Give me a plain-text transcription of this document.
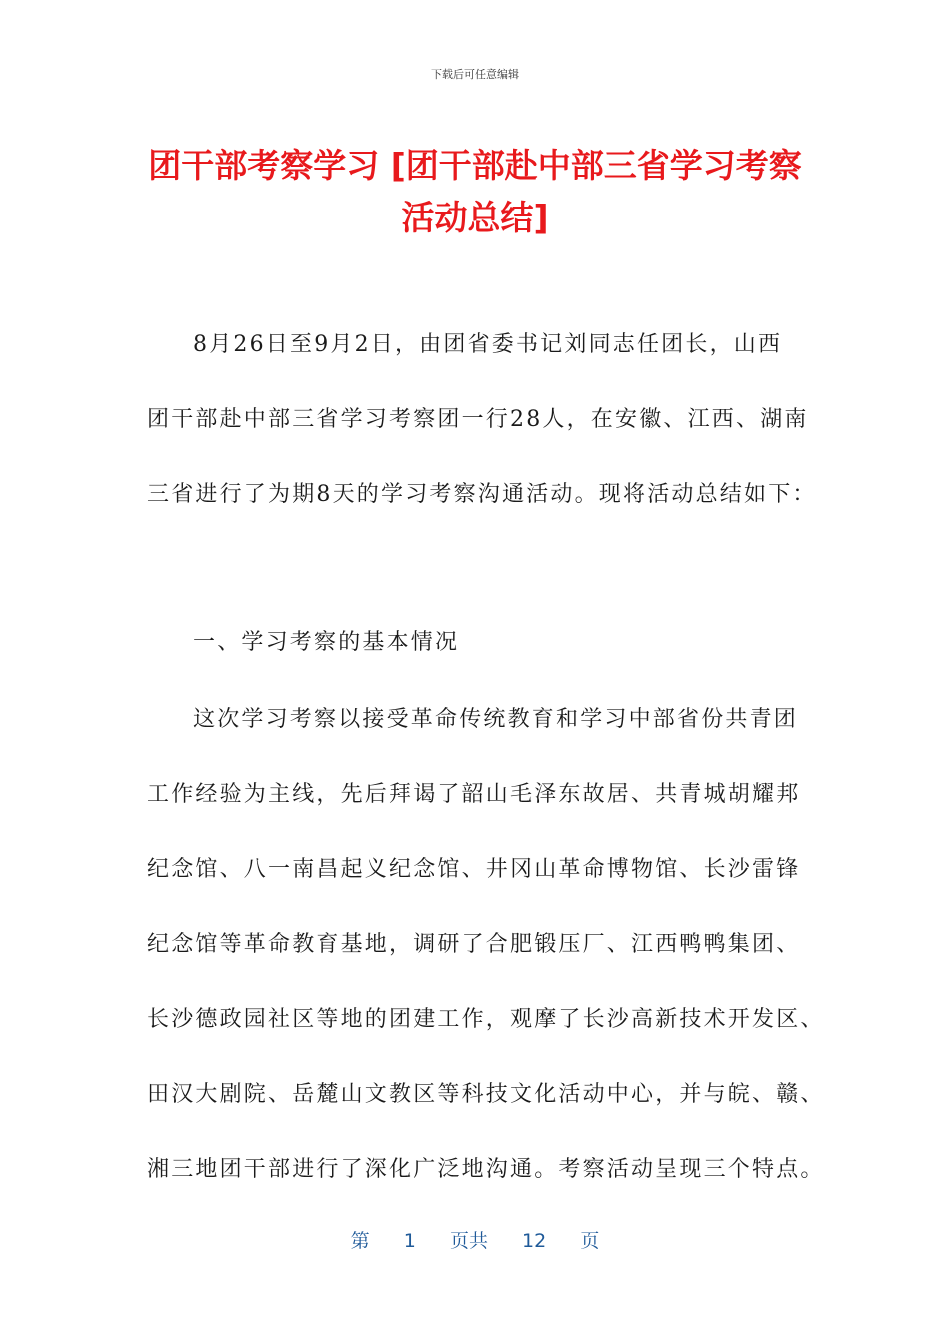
下载后可任意编辑
团干部考察学习 [团干部赴中部三省学习考察
活动总结]
8月26日至9月2日，由团省委书记刘同志任团长，山西
团干部赴中部三省学习考察团一行28人，在安徽、江西、湖南
三省进行了为期8天的学习考察沟通活动。现将活动总结如下：
一、学习考察的基本情况
这次学习考察以接受革命传统教育和学习中部省份共青团
工作经验为主线，先后拜谒了韶山毛泽东故居、共青城胡耀邦
纪念馆、八一南昌起义纪念馆、井冈山革命博物馆、长沙雷锋
纪念馆等革命教育基地，调研了合肥锻压厂、江西鸭鸭集团、
长沙德政园社区等地的团建工作，观摩了长沙高新技术开发区、
田汉大剧院、岳麓山文教区等科技文化活动中心，并与皖、赣、
湘三地团干部进行了深化广泛地沟通。考察活动呈现三个特点。
第 1 页共 12 页
